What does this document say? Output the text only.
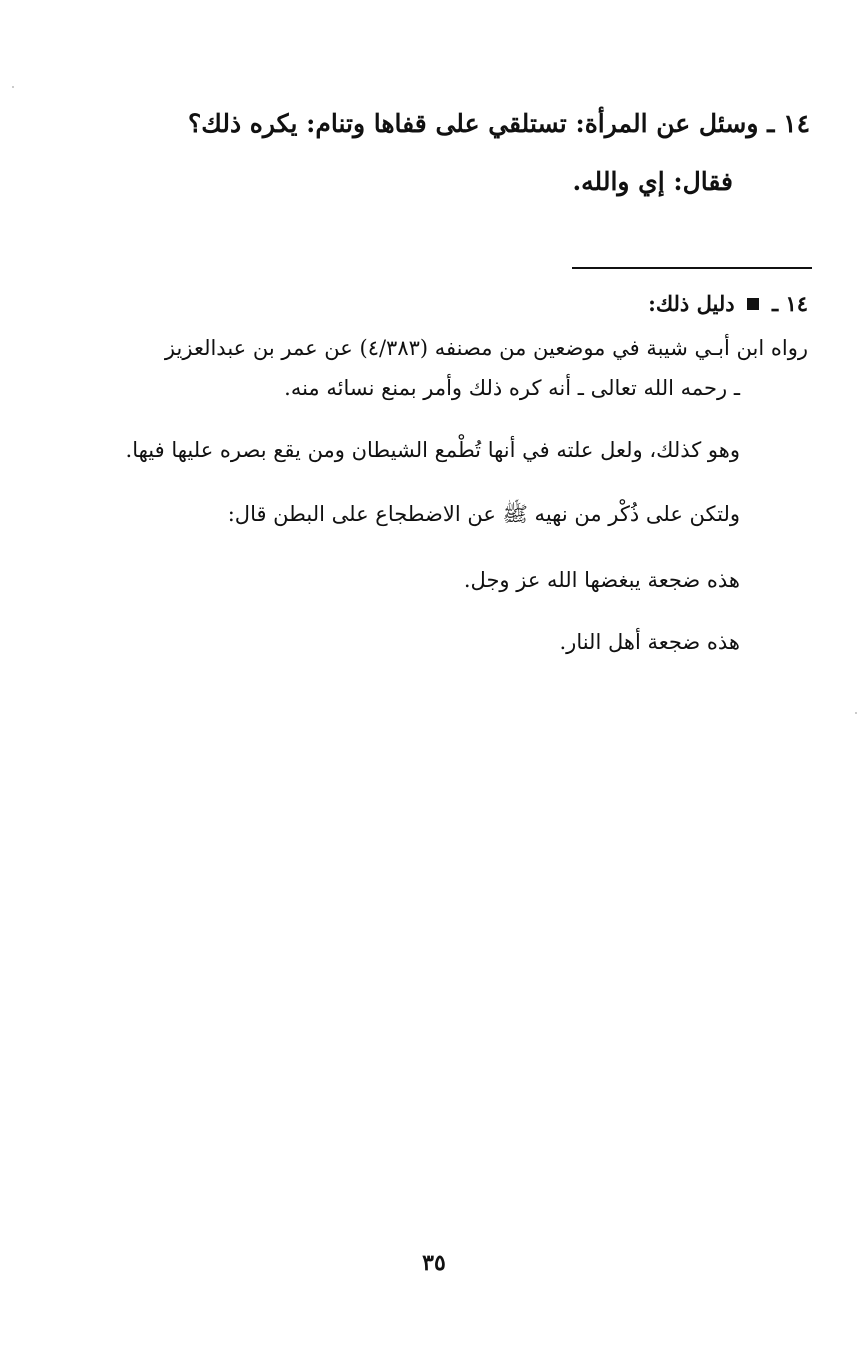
١٤ ـ وسئل عن المرأة: تستلقي على قفاها وتنام: يكره ذلك؟
فقال: إي والله.
١٤ ـ  دليل ذلك:
رواه ابن أبـي شيبة في موضعين من مصنفه (٤/٣٨٣) عن عمر بن عبدالعزيز
ـ رحمه الله تعالى ـ أنه كره ذلك وأمر بمنع نسائه منه.
وهو كذلك، ولعل علته في أنها تُطْمع الشيطان ومن يقع بصره عليها فيها.
ولتكن على ذُكْر من نهيه ﷺ عن الاضطجاع على البطن قال:
هذه ضجعة يبغضها الله عز وجل.
هذه ضجعة أهل النار.
٣٥
